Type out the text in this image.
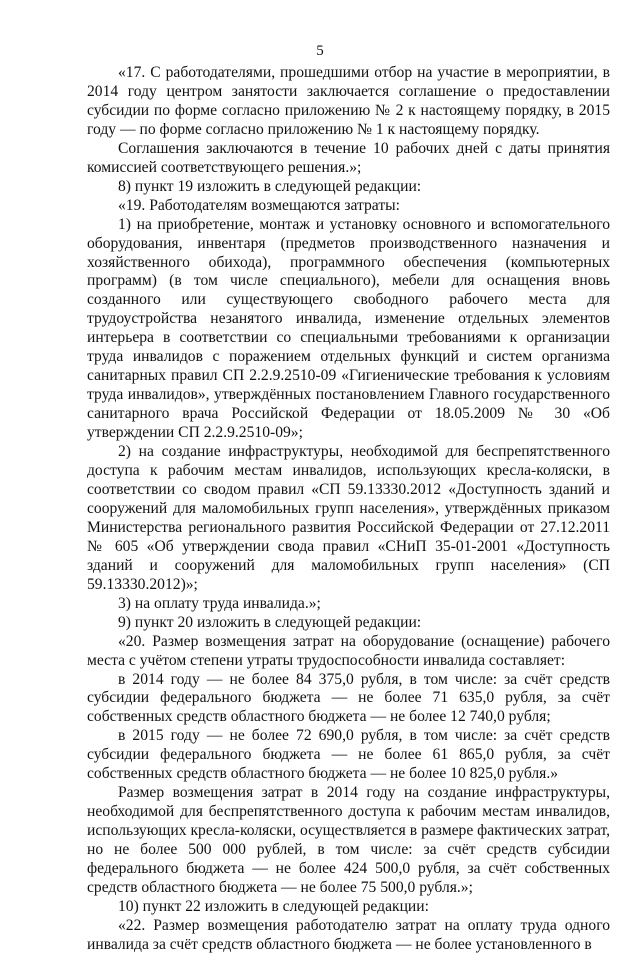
5

«17. С работодателями, прошедшими отбор на участие в мероприятии, в 2014 году центром занятости заключается соглашение о предоставлении субсидии по форме согласно приложению № 2 к настоящему порядку, в 2015 году — по форме согласно приложению № 1 к настоящему порядку.

Соглашения заключаются в течение 10 рабочих дней с даты принятия комиссией соответствующего решения.»;

8) пункт 19 изложить в следующей редакции:

«19. Работодателям возмещаются затраты:

1) на приобретение, монтаж и установку основного и вспомогательного оборудования, инвентаря (предметов производственного назначения и хозяйственного обихода), программного обеспечения (компьютерных программ) (в том числе специального), мебели для оснащения вновь созданного или существующего свободного рабочего места для трудоустройства незанятого инвалида, изменение отдельных элементов интерьера в соответствии со специальными требованиями к организации труда инвалидов с поражением отдельных функций и систем организма санитарных правил СП 2.2.9.2510-09 «Гигиенические требования к условиям труда инвалидов», утверждённых постановлением Главного государственного санитарного врача Российской Федерации от 18.05.2009 № 30 «Об утверждении СП 2.2.9.2510-09»;

2) на создание инфраструктуры, необходимой для беспрепятственного доступа к рабочим местам инвалидов, использующих кресла-коляски, в соответствии со сводом правил «СП 59.13330.2012 «Доступность зданий и сооружений для маломобильных групп населения», утверждённых приказом Министерства регионального развития Российской Федерации от 27.12.2011 № 605 «Об утверждении свода правил «СНиП 35-01-2001 «Доступность зданий и сооружений для маломобильных групп населения» (СП 59.13330.2012)»;

3) на оплату труда инвалида.»;

9) пункт 20 изложить в следующей редакции:

«20. Размер возмещения затрат на оборудование (оснащение) рабочего места с учётом степени утраты трудоспособности инвалида составляет:

в 2014 году — не более 84 375,0 рубля, в том числе: за счёт средств субсидии федерального бюджета — не более 71 635,0 рубля, за счёт собственных средств областного бюджета — не более 12 740,0 рубля;

в 2015 году — не более 72 690,0 рубля, в том числе: за счёт средств субсидии федерального бюджета — не более 61 865,0 рубля, за счёт собственных средств областного бюджета — не более 10 825,0 рубля.»

Размер возмещения затрат в 2014 году на создание инфраструктуры, необходимой для беспрепятственного доступа к рабочим местам инвалидов, использующих кресла-коляски, осуществляется в размере фактических затрат, но не более 500 000 рублей, в том числе: за счёт средств субсидии федерального бюджета — не более 424 500,0 рубля, за счёт собственных средств областного бюджета — не более 75 500,0 рубля.»;

10) пункт 22 изложить в следующей редакции:

«22. Размер возмещения работодателю затрат на оплату труда одного инвалида за счёт средств областного бюджета — не более установленного в
